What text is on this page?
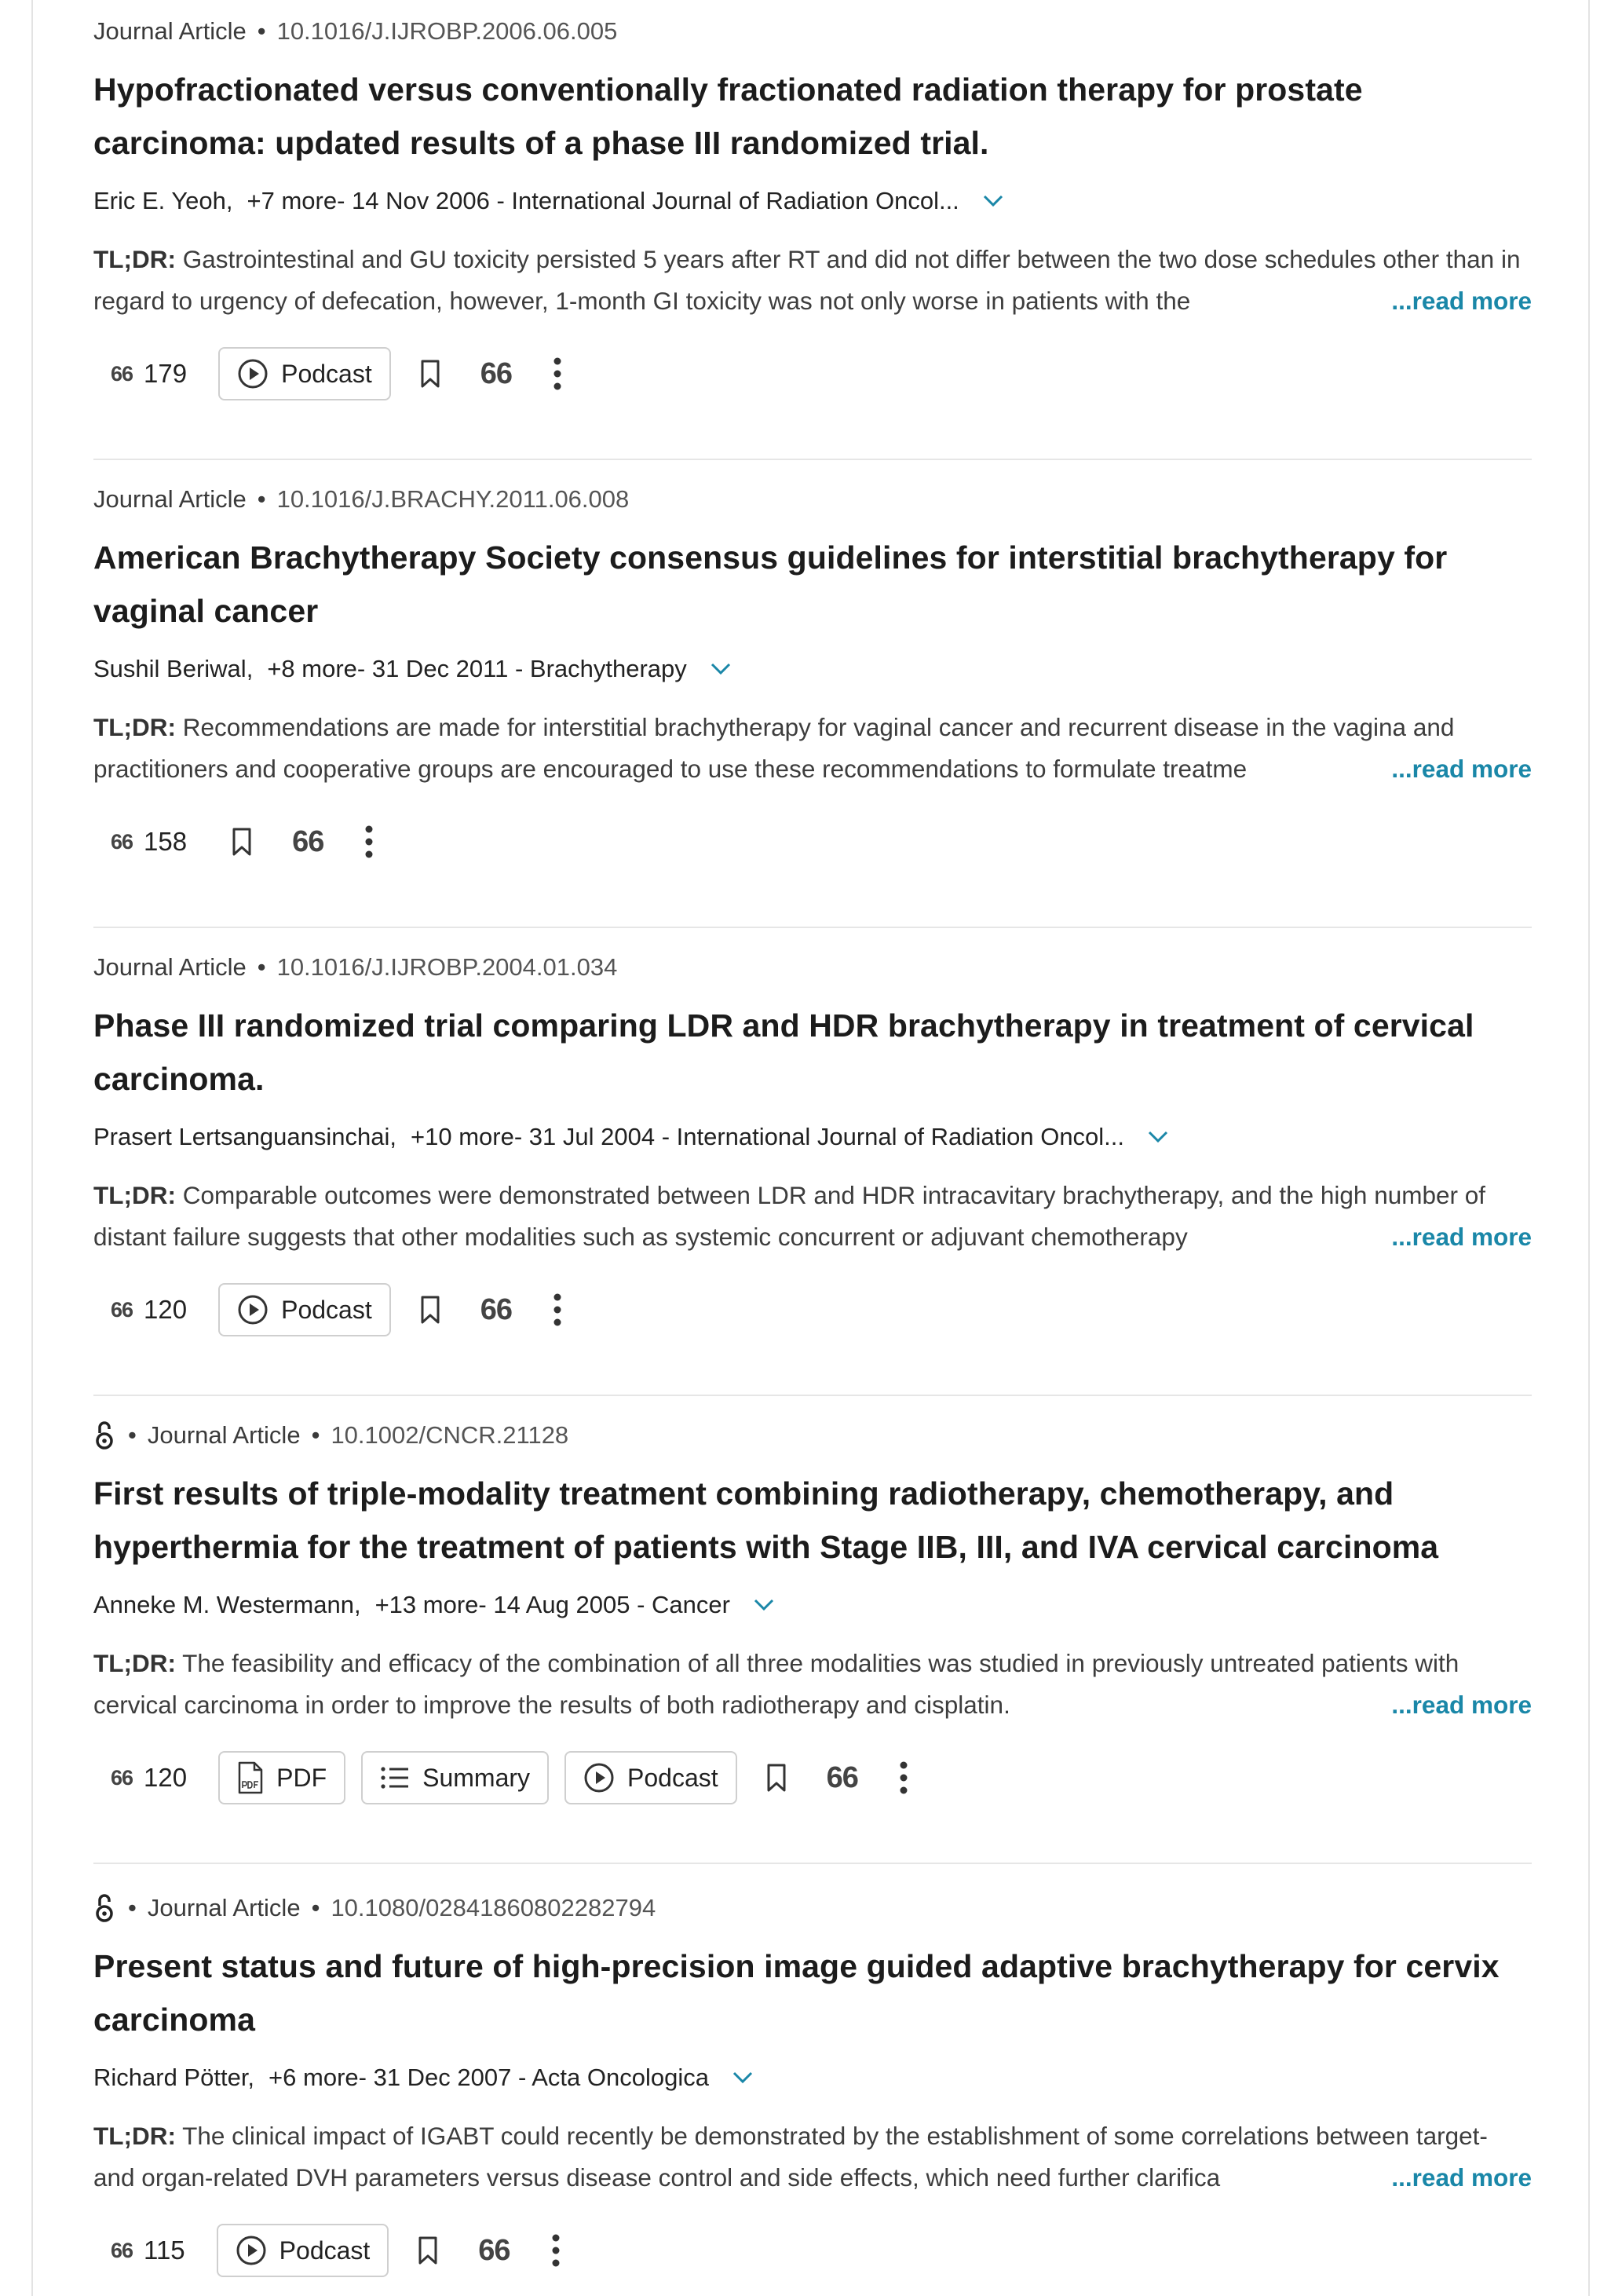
Journal Article • 10.1016/J.IJROBP.2006.06.005
Hypofractionated versus conventionally fractionated radiation therapy for prostate carcinoma: updated results of a phase III randomized trial.
Eric E. Yeoh, +7 more - 14 Nov 2006 - International Journal of Radiation Oncol...

TL;DR: Gastrointestinal and GU toxicity persisted 5 years after RT and did not differ between the two dose schedules other than in regard to urgency of defecation, however, 1-month GI toxicity was not only worse in patients with the	...read more

66 179	Podcast	66
Journal Article • 10.1016/J.BRACHY.2011.06.008
American Brachytherapy Society consensus guidelines for interstitial brachytherapy for vaginal cancer
Sushil Beriwal, +8 more - 31 Dec 2011 - Brachytherapy

TL;DR: Recommendations are made for interstitial brachytherapy for vaginal cancer and recurrent disease in the vagina and practitioners and cooperative groups are encouraged to use these recommendations to formulate treatme	...read more

66 158	66
Journal Article • 10.1016/J.IJROBP.2004.01.034
Phase III randomized trial comparing LDR and HDR brachytherapy in treatment of cervical carcinoma.
Prasert Lertsanguansinchai, +10 more - 31 Jul 2004 - International Journal of Radiation Oncol...

TL;DR: Comparable outcomes were demonstrated between LDR and HDR intracavitary brachytherapy, and the high number of distant failure suggests that other modalities such as systemic concurrent or adjuvant chemotherapy	...read more

66 120	Podcast	66
• Journal Article • 10.1002/CNCR.21128
First results of triple-modality treatment combining radiotherapy, chemotherapy, and hyperthermia for the treatment of patients with Stage IIB, III, and IVA cervical carcinoma
Anneke M. Westermann, +13 more - 14 Aug 2005 - Cancer

TL;DR: The feasibility and efficacy of the combination of all three modalities was studied in previously untreated patients with cervical carcinoma in order to improve the results of both radiotherapy and cisplatin.	...read more

66 120	PDF	Summary	Podcast	66
• Journal Article • 10.1080/02841860802282794
Present status and future of high-precision image guided adaptive brachytherapy for cervix carcinoma
Richard Pötter, +6 more - 31 Dec 2007 - Acta Oncologica

TL;DR: The clinical impact of IGABT could recently be demonstrated by the establishment of some correlations between target- and organ-related DVH parameters versus disease control and side effects, which need further clarifica	...read more

66 115	Podcast	66
